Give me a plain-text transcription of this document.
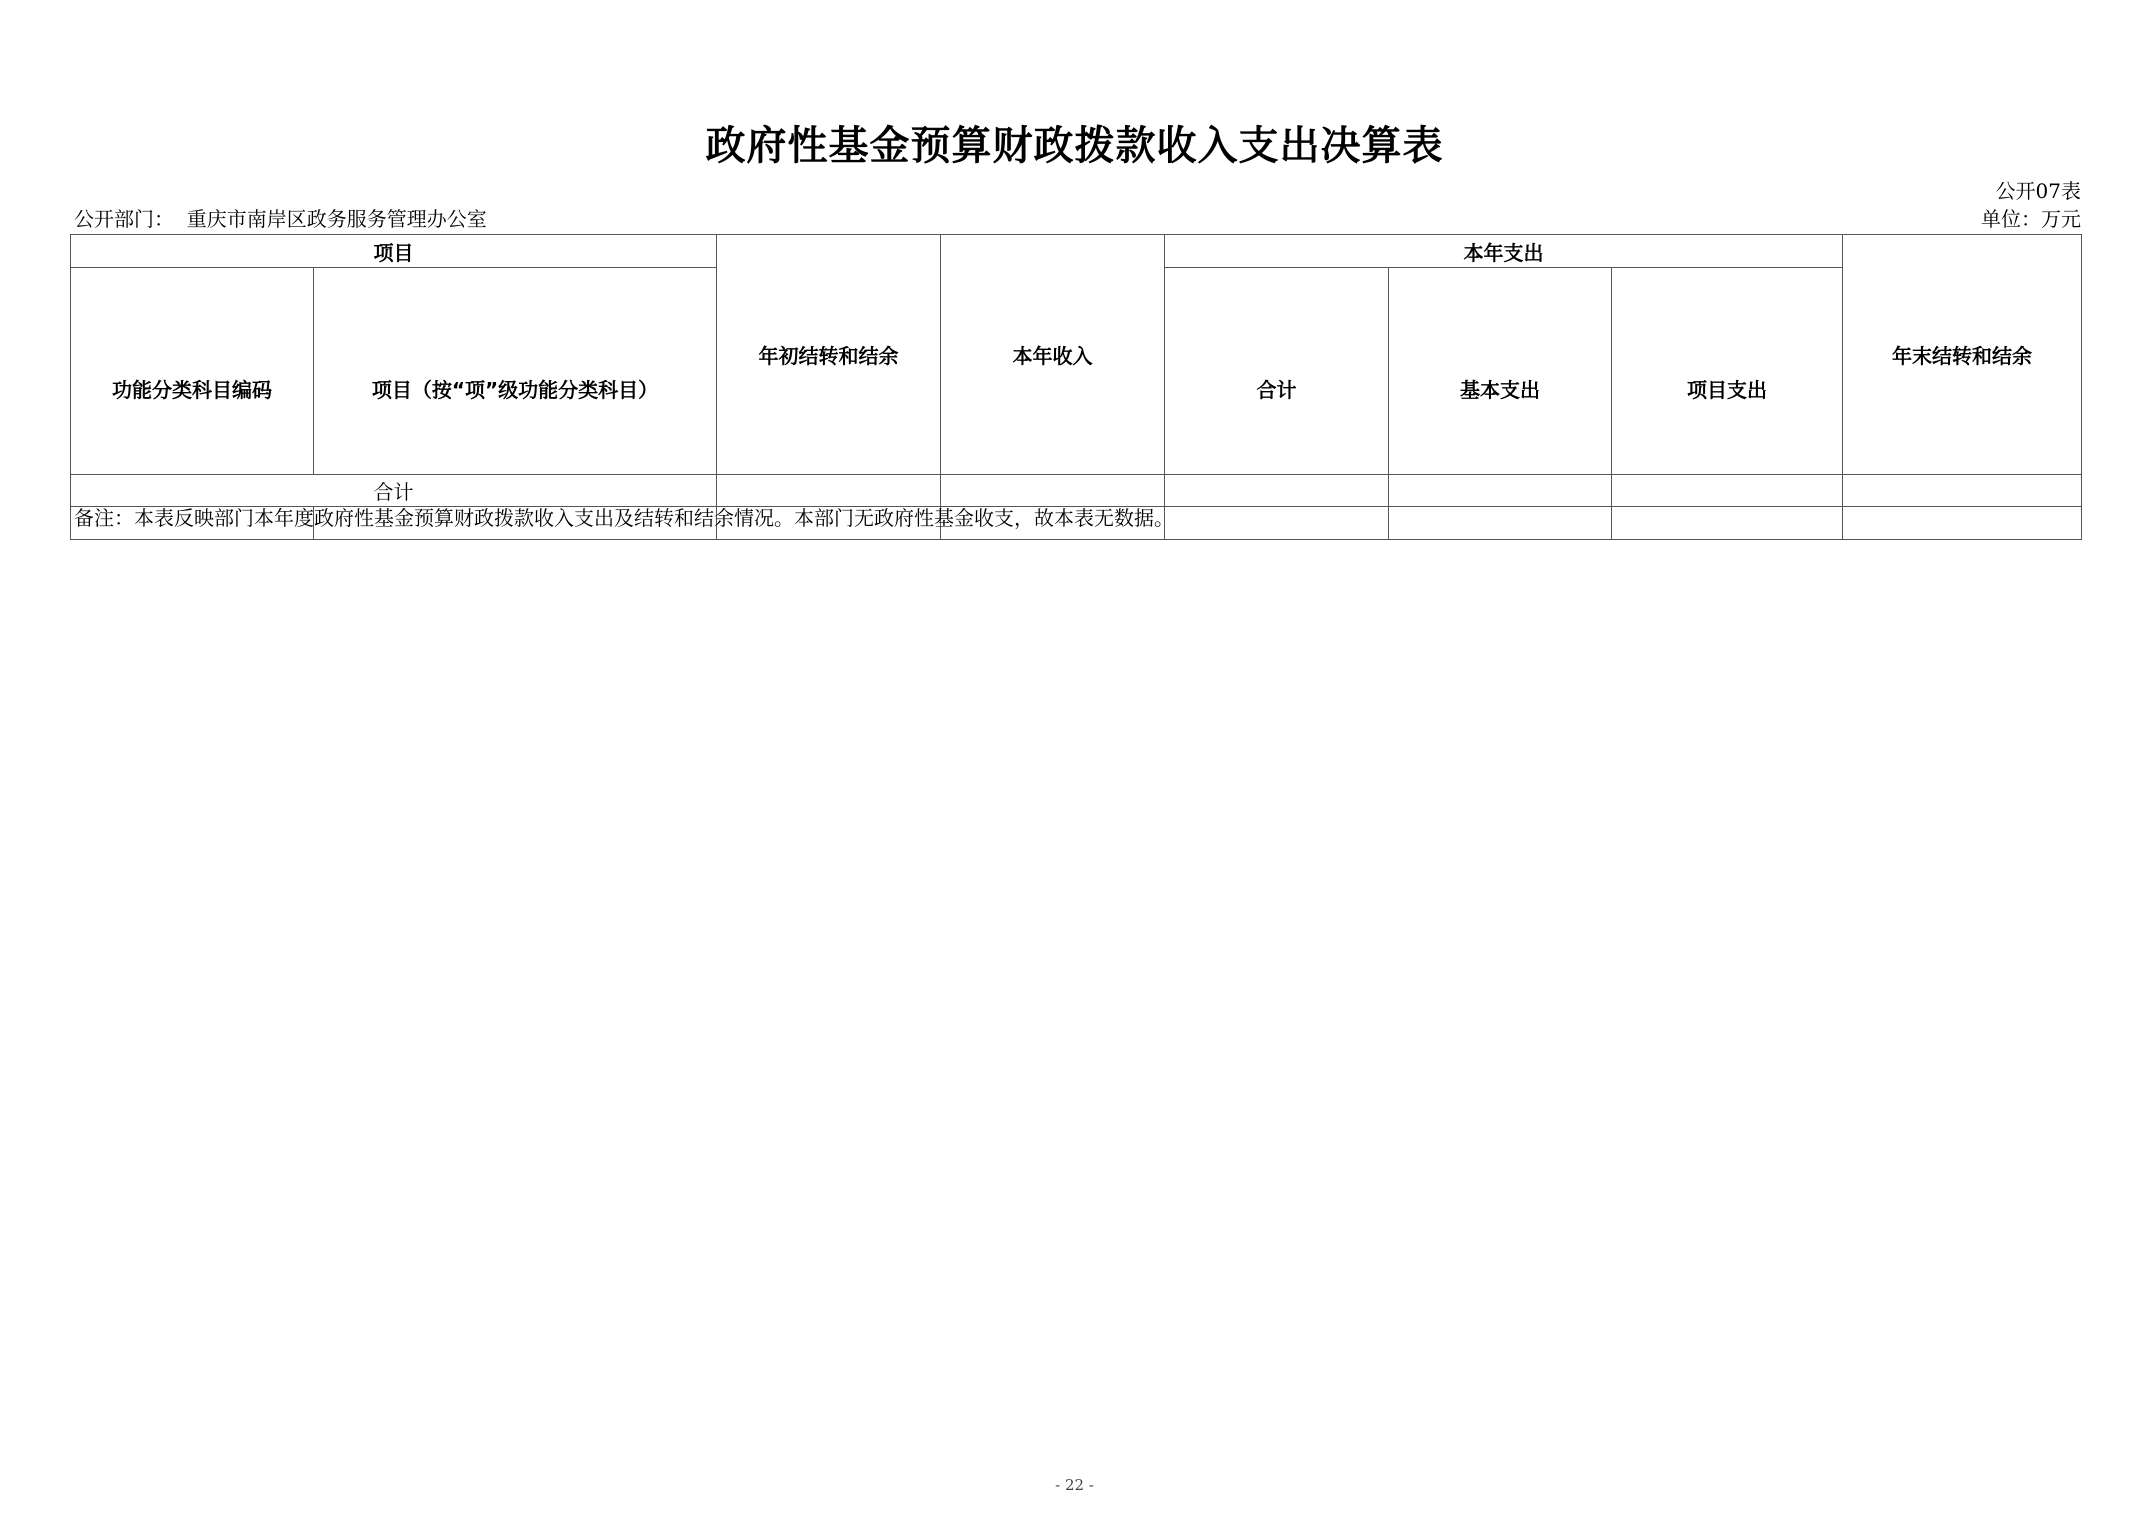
政府性基金预算财政拨款收入支出决算表
公开07表
公开部门： 重庆市南岸区政务服务管理办公室	单位：万元
项目		年初结转和结余	本年收入	本年支出			年末结转和结余
功能分类科目编码	项目（按“项”级功能分类科目）			合计	基本支出	项目支出	
合计							

备注：本表反映部门本年度政府性基金预算财政拨款收入支出及结转和结余情况。本部门无政府性基金收支，故本表无数据。
- 22 -
